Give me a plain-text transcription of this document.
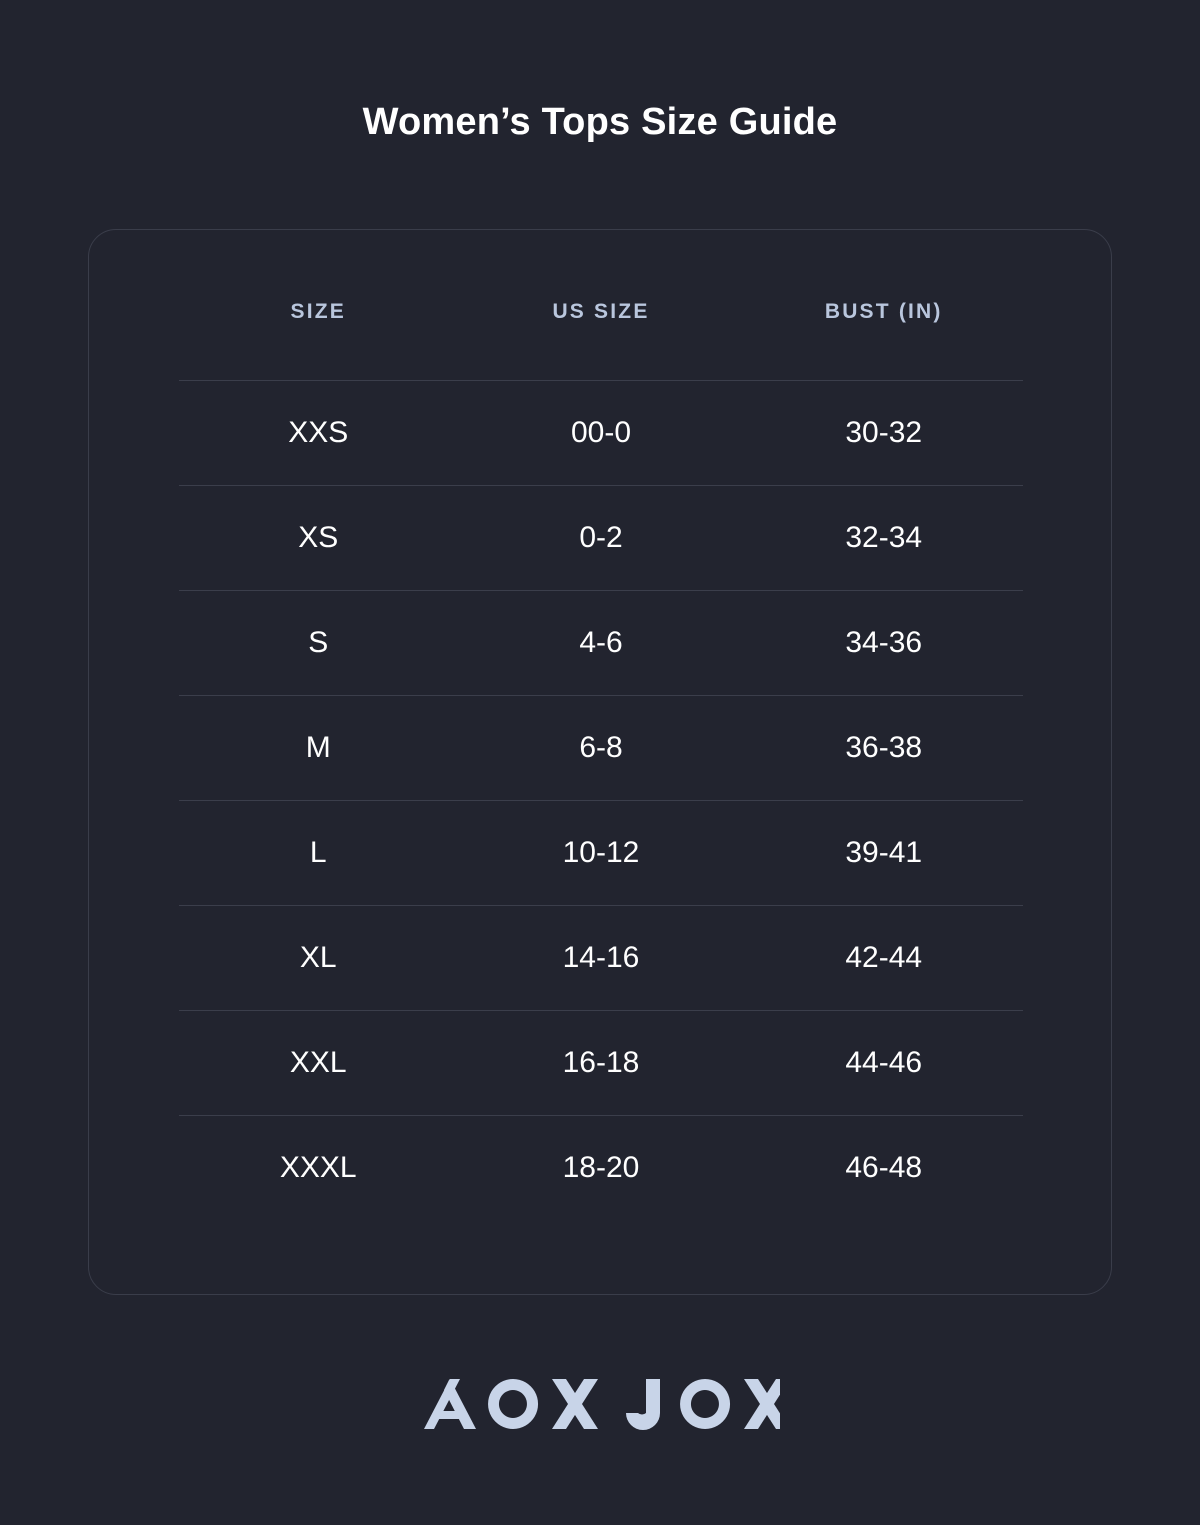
Women’s Tops Size Guide
SIZE	US SIZE	BUST (IN)
XXS	00-0	30-32
XS	0-2	32-34
S	4-6	34-36
M	6-8	36-38
L	10-12	39-41
XL	14-16	42-44
XXL	16-18	44-46
XXXL	18-20	46-48
